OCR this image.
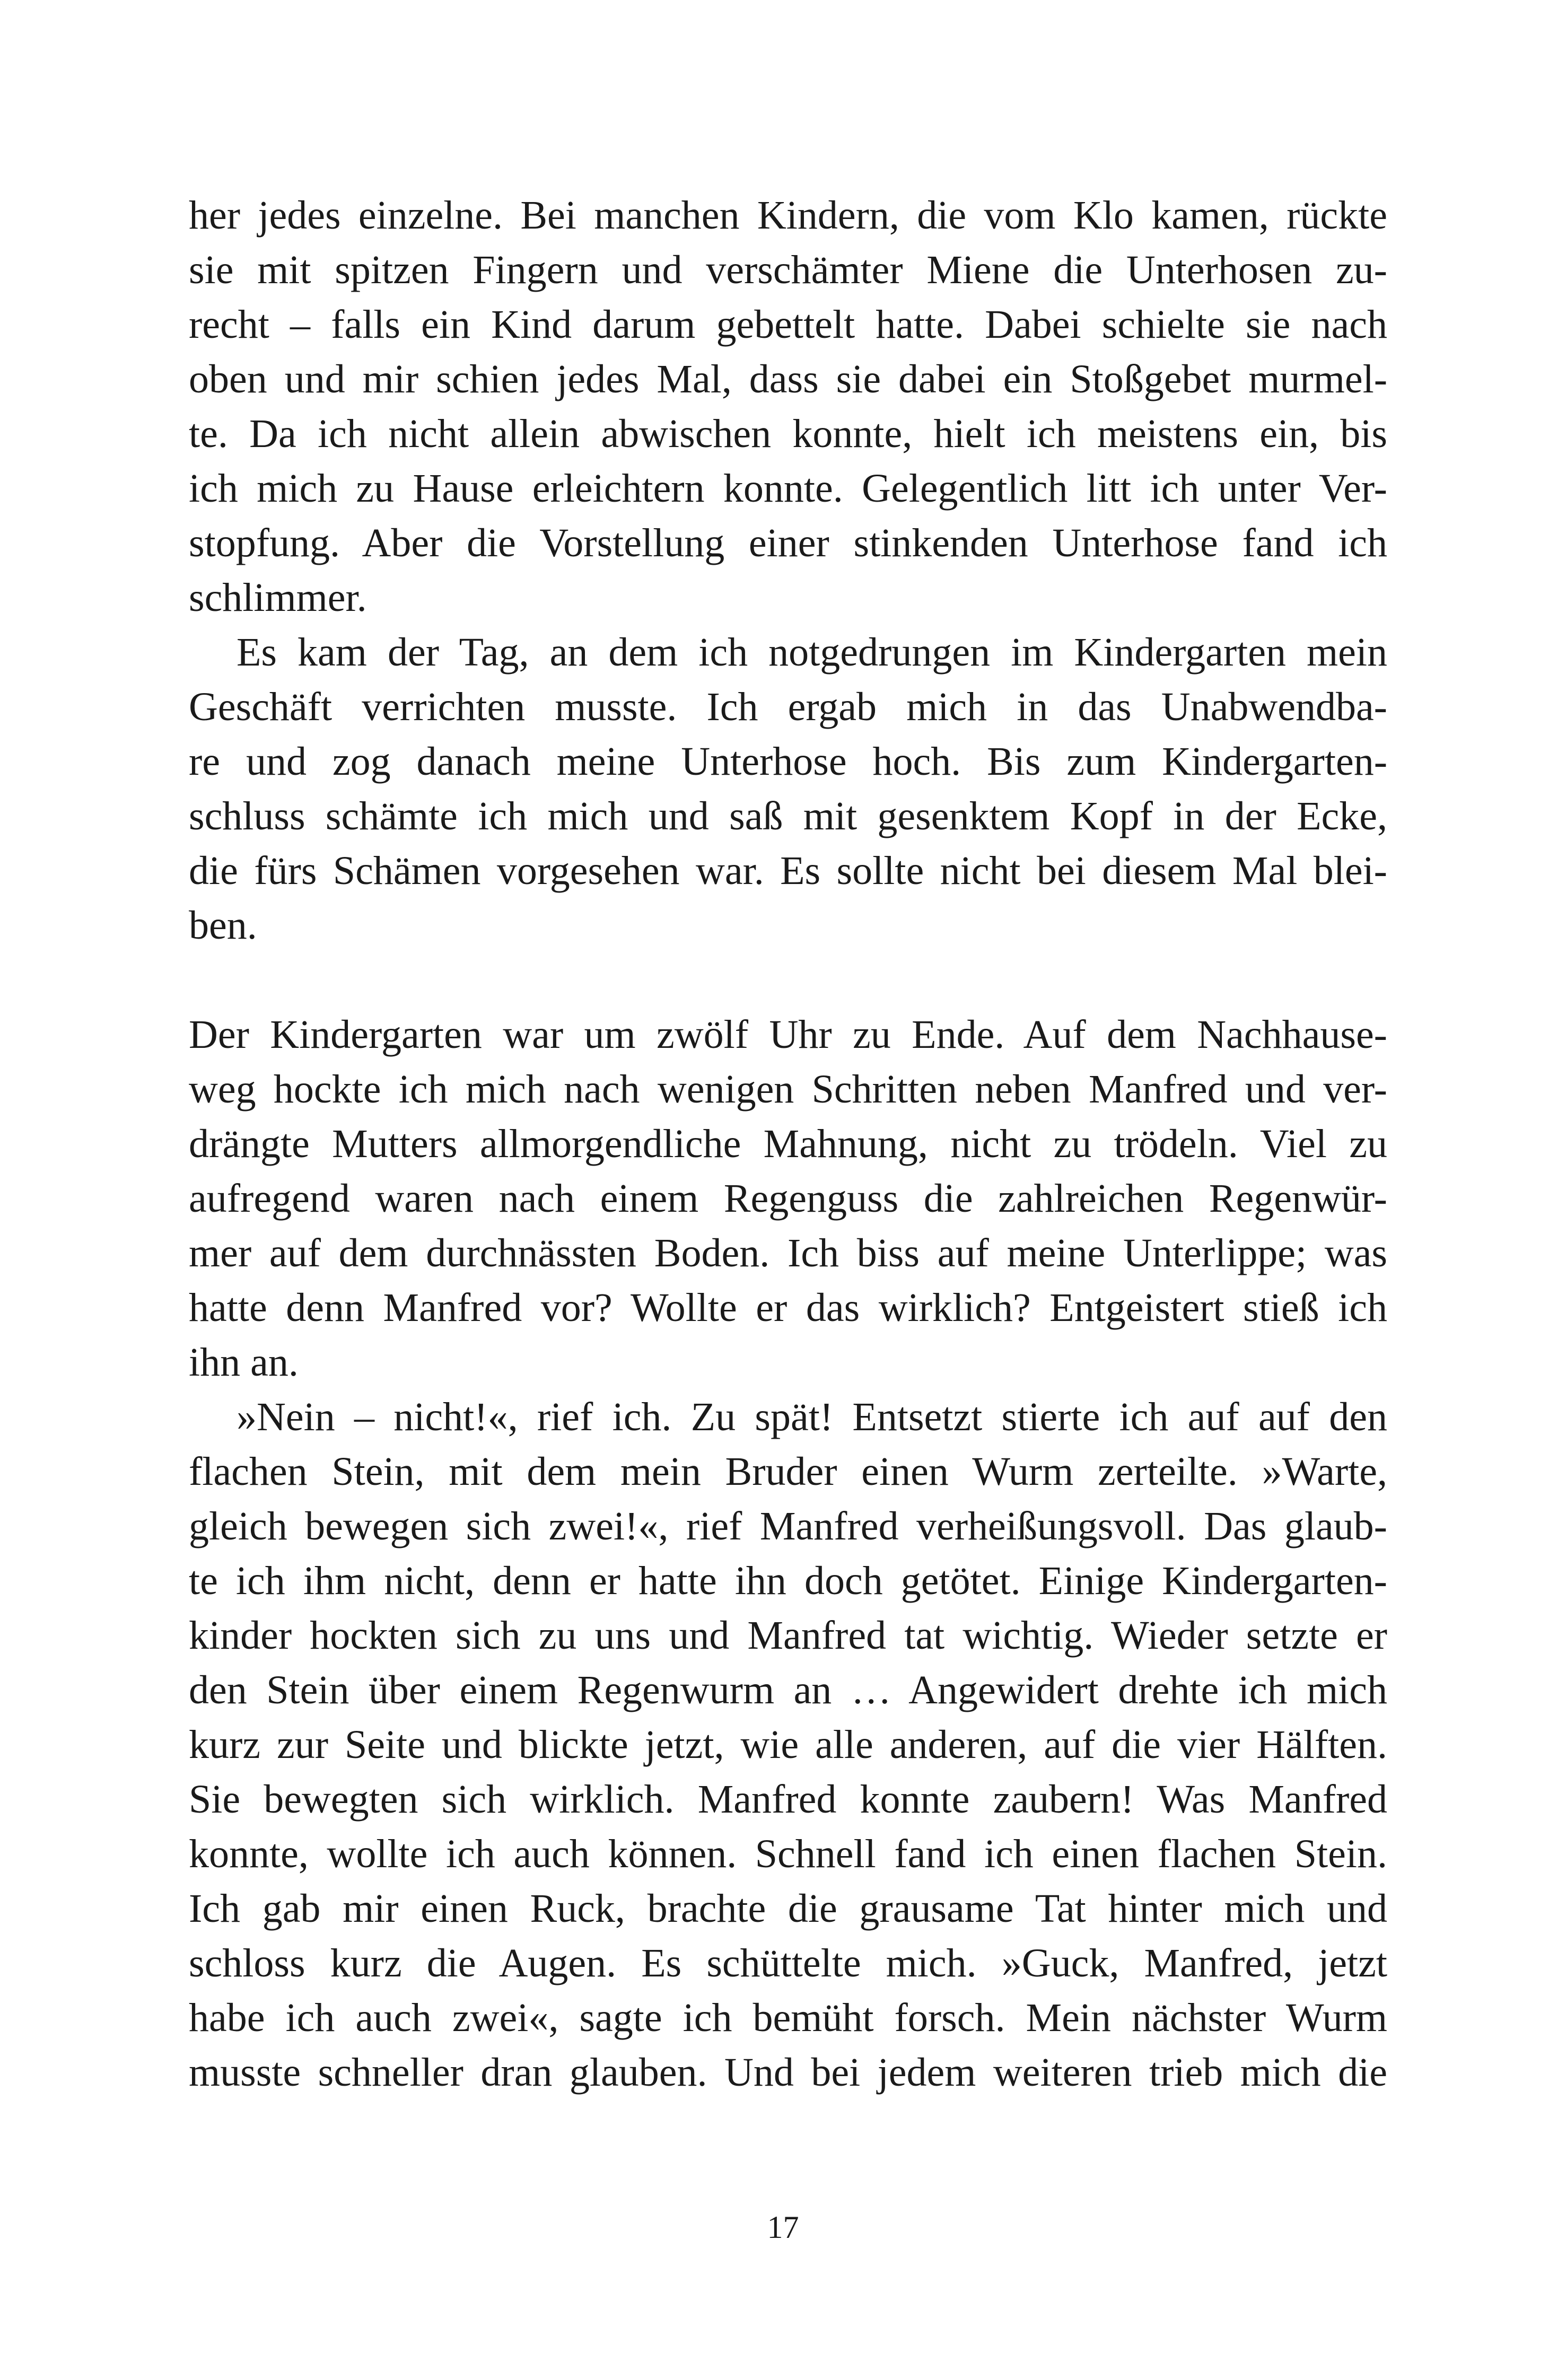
her jedes einzelne. Bei manchen Kindern, die vom Klo kamen, rückte
sie mit spitzen Fingern und verschämter Miene die Unterhosen zu-
recht – falls ein Kind darum gebettelt hatte. Dabei schielte sie nach
oben und mir schien jedes Mal, dass sie dabei ein Stoßgebet murmel-
te. Da ich nicht allein abwischen konnte, hielt ich meistens ein, bis
ich mich zu Hause erleichtern konnte. Gelegentlich litt ich unter Ver-
stopfung. Aber die Vorstellung einer stinkenden Unterhose fand ich
schlimmer.
Es kam der Tag, an dem ich notgedrungen im Kindergarten mein
Geschäft verrichten musste. Ich ergab mich in das Unabwendba-
re und zog danach meine Unterhose hoch. Bis zum Kindergarten-
schluss schämte ich mich und saß mit gesenktem Kopf in der Ecke,
die fürs Schämen vorgesehen war. Es sollte nicht bei diesem Mal blei-
ben.
Der Kindergarten war um zwölf Uhr zu Ende. Auf dem Nachhause-
weg hockte ich mich nach wenigen Schritten neben Manfred und ver-
drängte Mutters allmorgendliche Mahnung, nicht zu trödeln. Viel zu
aufregend waren nach einem Regenguss die zahlreichen Regenwür-
mer auf dem durchnässten Boden. Ich biss auf meine Unterlippe; was
hatte denn Manfred vor? Wollte er das wirklich? Entgeistert stieß ich
ihn an.
»Nein – nicht!«, rief ich. Zu spät! Entsetzt stierte ich auf auf den
flachen Stein, mit dem mein Bruder einen Wurm zerteilte. »Warte,
gleich bewegen sich zwei!«, rief Manfred verheißungsvoll. Das glaub-
te ich ihm nicht, denn er hatte ihn doch getötet. Einige Kindergarten-
kinder hockten sich zu uns und Manfred tat wichtig. Wieder setzte er
den Stein über einem Regenwurm an … Angewidert drehte ich mich
kurz zur Seite und blickte jetzt, wie alle anderen, auf die vier Hälften.
Sie bewegten sich wirklich. Manfred konnte zaubern! Was Manfred
konnte, wollte ich auch können. Schnell fand ich einen flachen Stein.
Ich gab mir einen Ruck, brachte die grausame Tat hinter mich und
schloss kurz die Augen. Es schüttelte mich. »Guck, Manfred, jetzt
habe ich auch zwei«, sagte ich bemüht forsch. Mein nächster Wurm
musste schneller dran glauben. Und bei jedem weiteren trieb mich die
17
